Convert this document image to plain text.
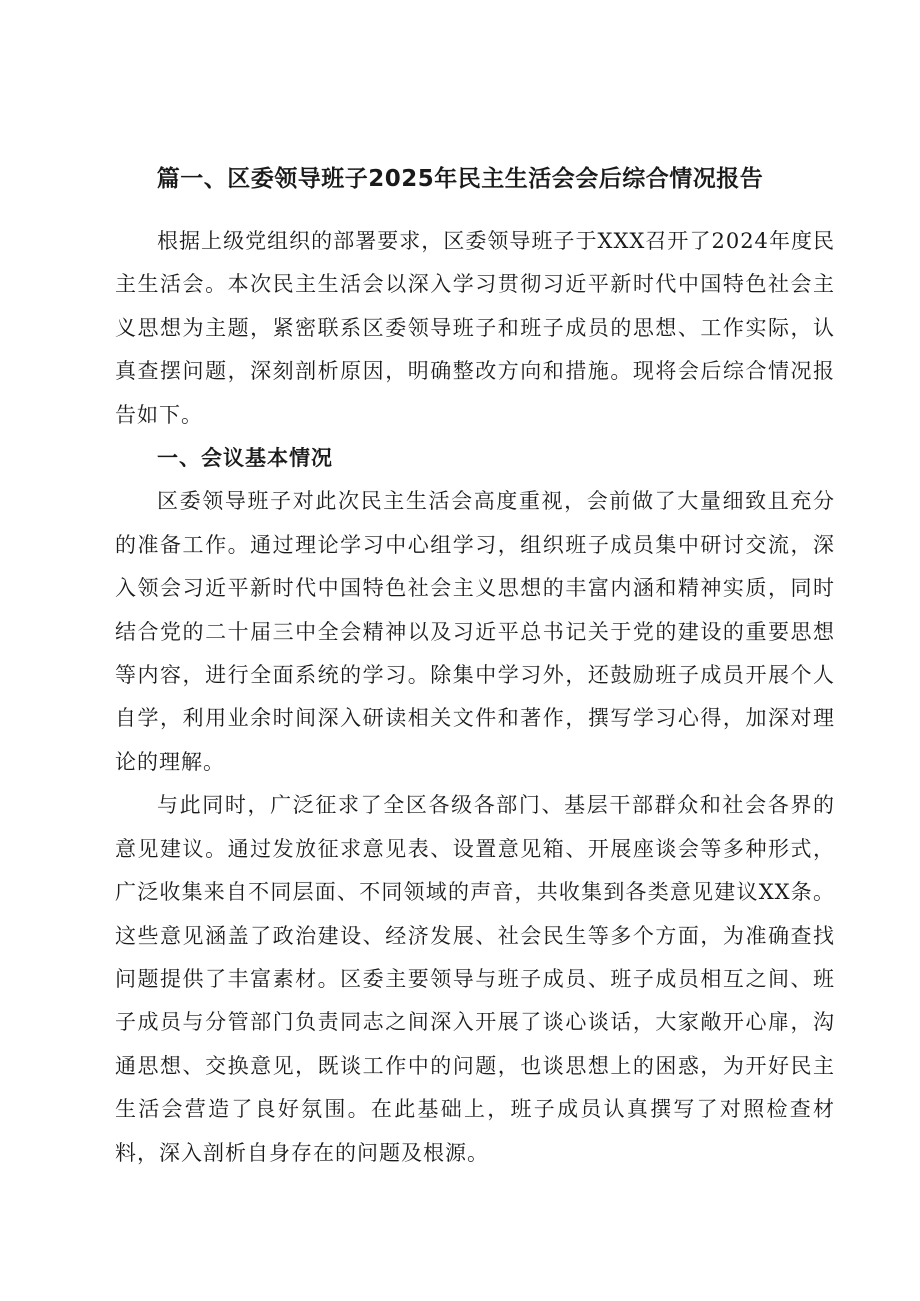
篇一、区委领导班子2025年民主生活会会后综合情况报告

根据上级党组织的部署要求，区委领导班子于XXX召开了2024年度民主生活会。本次民主生活会以深入学习贯彻习近平新时代中国特色社会主义思想为主题，紧密联系区委领导班子和班子成员的思想、工作实际，认真查摆问题，深刻剖析原因，明确整改方向和措施。现将会后综合情况报告如下。

一、会议基本情况

区委领导班子对此次民主生活会高度重视，会前做了大量细致且充分的准备工作。通过理论学习中心组学习，组织班子成员集中研讨交流，深入领会习近平新时代中国特色社会主义思想的丰富内涵和精神实质，同时结合党的二十届三中全会精神以及习近平总书记关于党的建设的重要思想等内容，进行全面系统的学习。除集中学习外，还鼓励班子成员开展个人自学，利用业余时间深入研读相关文件和著作，撰写学习心得，加深对理论的理解。

与此同时，广泛征求了全区各级各部门、基层干部群众和社会各界的意见建议。通过发放征求意见表、设置意见箱、开展座谈会等多种形式，广泛收集来自不同层面、不同领域的声音，共收集到各类意见建议XX条。这些意见涵盖了政治建设、经济发展、社会民生等多个方面，为准确查找问题提供了丰富素材。区委主要领导与班子成员、班子成员相互之间、班子成员与分管部门负责同志之间深入开展了谈心谈话，大家敞开心扉，沟通思想、交换意见，既谈工作中的问题，也谈思想上的困惑，为开好民主生活会营造了良好氛围。在此基础上，班子成员认真撰写了对照检查材料，深入剖析自身存在的问题及根源。
